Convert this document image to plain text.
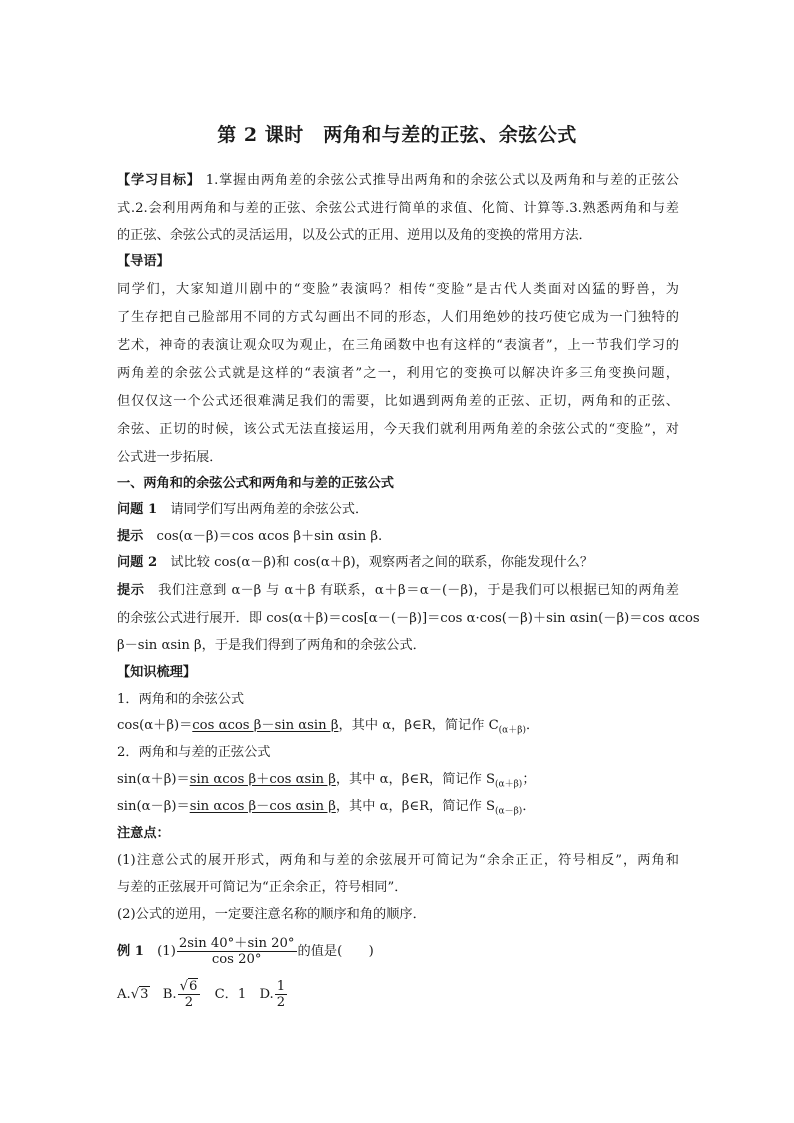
第 2 课时　两角和与差的正弦、余弦公式
【学习目标】 1.掌握由两角差的余弦公式推导出两角和的余弦公式以及两角和与差的正弦公
式.2.会利用两角和与差的正弦、余弦公式进行简单的求值、化简、计算等.3.熟悉两角和与差
的正弦、余弦公式的灵活运用，以及公式的正用、逆用以及角的变换的常用方法．
【导语】
同学们，大家知道川剧中的“变脸”表演吗？相传“变脸”是古代人类面对凶猛的野兽，为
了生存把自己脸部用不同的方式勾画出不同的形态，人们用绝妙的技巧使它成为一门独特的
艺术，神奇的表演让观众叹为观止，在三角函数中也有这样的“表演者”，上一节我们学习的
两角差的余弦公式就是这样的“表演者”之一，利用它的变换可以解决许多三角变换问题，
但仅仅这一个公式还很难满足我们的需要，比如遇到两角差的正弦、正切，两角和的正弦、
余弦、正切的时候，该公式无法直接运用，今天我们就利用两角差的余弦公式的“变脸”，对
公式进一步拓展．
一、两角和的余弦公式和两角和与差的正弦公式
问题 1　请同学们写出两角差的余弦公式．
提示　cos(α－β)＝cos αcos β＋sin αsin β.
问题 2　试比较 cos(α－β)和 cos(α＋β)，观察两者之间的联系，你能发现什么？
提示　我们注意到 α－β 与 α＋β 有联系，α＋β＝α－(－β)，于是我们可以根据已知的两角差
的余弦公式进行展开．即 cos(α＋β)＝cos[α－(－β)]＝cos α·cos(－β)＋sin αsin(－β)＝cos αcos
β－sin αsin β，于是我们得到了两角和的余弦公式．
【知识梳理】
1．两角和的余弦公式
cos(α＋β)＝cos αcos β－sin αsin β，其中 α，β∈R，简记作 $C_{(\alpha+\beta)}$．
2．两角和与差的正弦公式
sin(α＋β)＝sin αcos β＋cos αsin β，其中 α，β∈R，简记作 $S_{(\alpha+\beta)}$；
sin(α－β)＝sin αcos β－cos αsin β，其中 α，β∈R，简记作 $S_{(\alpha-\beta)}$．
注意点：
(1)注意公式的展开形式，两角和与差的余弦展开可简记为“余余正正，符号相反”，两角和
与差的正弦展开可简记为“正余余正，符号相同”．
(2)公式的逆用，一定要注意名称的顺序和角的顺序．
例 1　 $(1) \frac{2\sin 40^\circ+\sin 20^\circ}{\cos 20^\circ}$ 的值是(　　)
A.√3　 B. $\frac{√6}{2}$
　 C．1　 D. $\frac{1}{2}$
